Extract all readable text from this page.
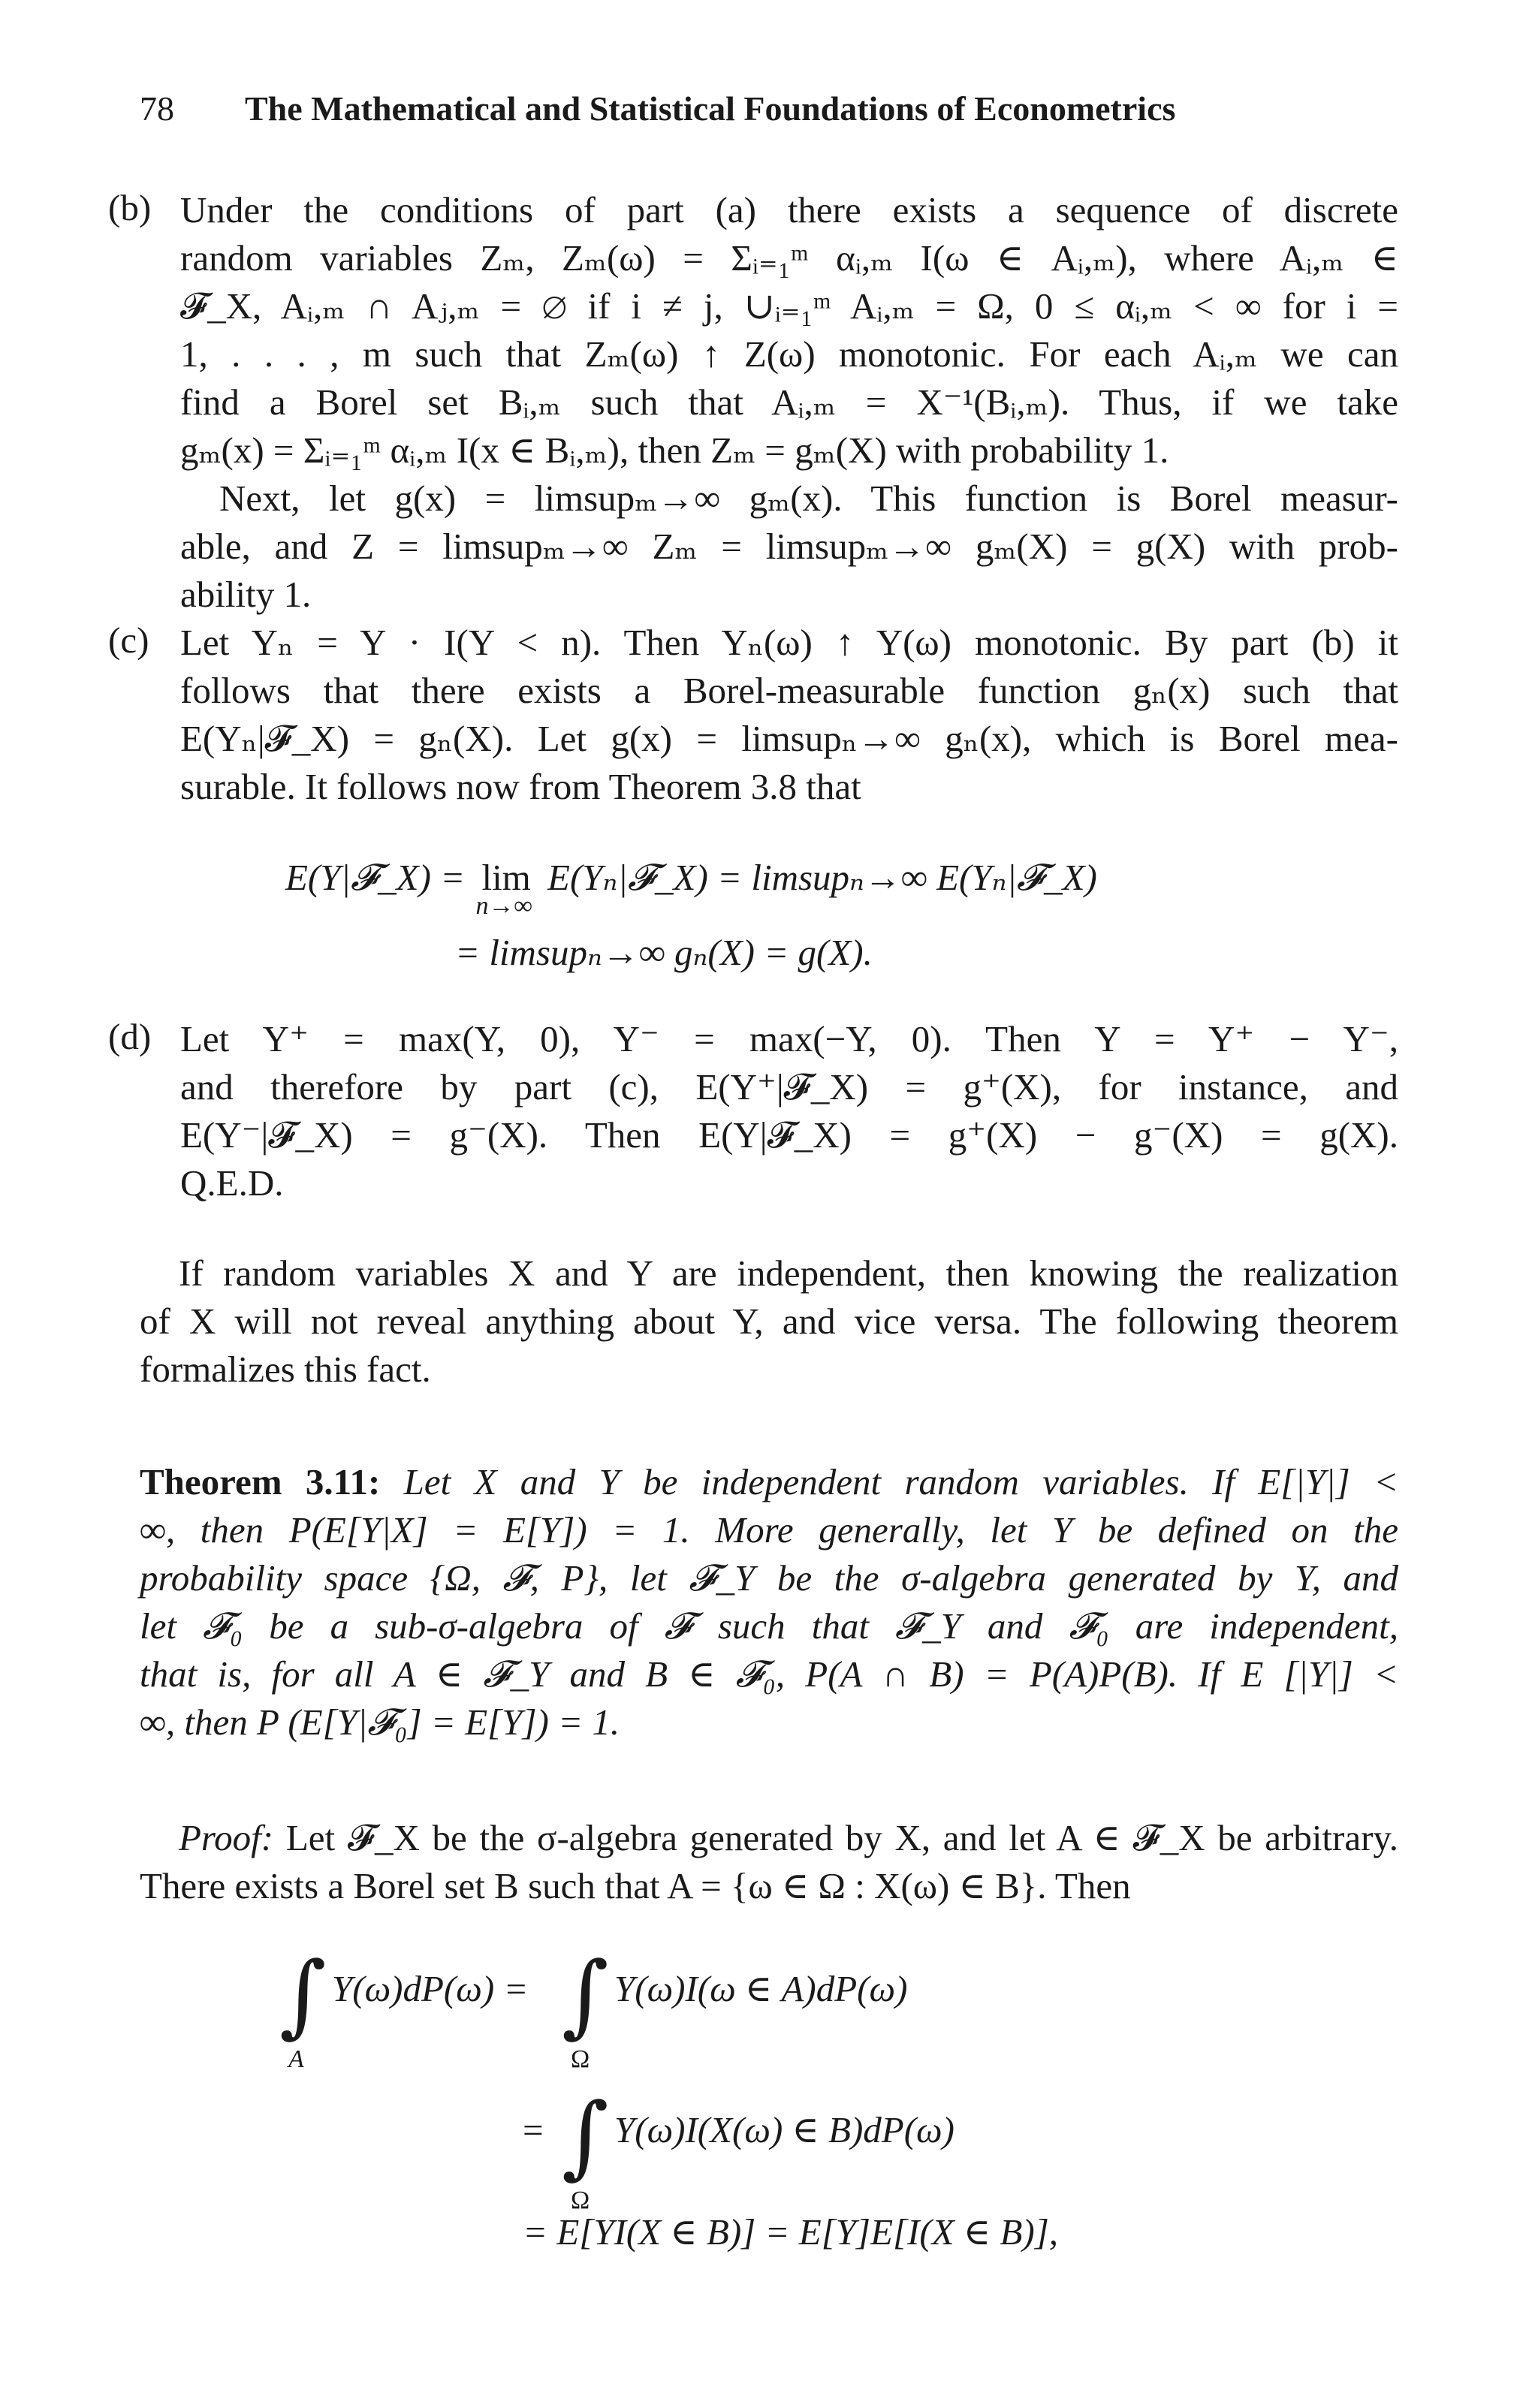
78 The Mathematical and Statistical Foundations of Econometrics
(b) Under the conditions of part (a) there exists a sequence of discrete
random variables Zₘ, Zₘ(ω) = Σᵢ₌₁ᵐ αᵢ,ₘ I(ω ∈ Aᵢ,ₘ), where Aᵢ,ₘ ∈
𝓕_X, Aᵢ,ₘ ∩ Aⱼ,ₘ = ∅ if i ≠ j, ∪ᵢ₌₁ᵐ Aᵢ,ₘ = Ω, 0 ≤ αᵢ,ₘ < ∞ for i =
1, . . . , m such that Zₘ(ω) ↑ Z(ω) monotonic. For each Aᵢ,ₘ we can
find a Borel set Bᵢ,ₘ such that Aᵢ,ₘ = X⁻¹(Bᵢ,ₘ). Thus, if we take
gₘ(x) = Σᵢ₌₁ᵐ αᵢ,ₘ I(x ∈ Bᵢ,ₘ), then Zₘ = gₘ(X) with probability 1.
Next, let g(x) = limsupₘ→∞ gₘ(x). This function is Borel measur-
able, and Z = limsupₘ→∞ Zₘ = limsupₘ→∞ gₘ(X) = g(X) with prob-
ability 1.
(c) Let Yₙ = Y · I(Y < n). Then Yₙ(ω) ↑ Y(ω) monotonic. By part (b) it
follows that there exists a Borel-measurable function gₙ(x) such that
E(Yₙ|𝓕_X) = gₙ(X). Let g(x) = limsupₙ→∞ gₙ(x), which is Borel mea-
surable. It follows now from Theorem 3.8 that
E(Y|𝓕_X) = lim
n→∞
E(Yₙ|𝓕_X) = limsupₙ→∞ E(Yₙ|𝓕_X)
= limsupₙ→∞ gₙ(X) = g(X).
(d) Let Y⁺ = max(Y, 0), Y⁻ = max(−Y, 0). Then Y = Y⁺ − Y⁻,
and therefore by part (c), E(Y⁺|𝓕_X) = g⁺(X), for instance, and
E(Y⁻|𝓕_X) = g⁻(X). Then E(Y|𝓕_X) = g⁺(X) − g⁻(X) = g(X).
Q.E.D.
If random variables X and Y are independent, then knowing the realization
of X will not reveal anything about Y, and vice versa. The following theorem
formalizes this fact.
Theorem 3.11: Let X and Y be independent random variables. If E[|Y|] <
∞, then P(E[Y|X] = E[Y]) = 1. More generally, let Y be defined on the
probability space {Ω, 𝓕, P}, let 𝓕_Y be the σ-algebra generated by Y, and
let 𝓕₀ be a sub-σ-algebra of 𝓕 such that 𝓕_Y and 𝓕₀ are independent,
that is, for all A ∈ 𝓕_Y and B ∈ 𝓕₀, P(A ∩ B) = P(A)P(B). If E [|Y|] <
∞, then P (E[Y|𝓕₀] = E[Y]) = 1.
Proof: Let 𝓕_X be the σ-algebra generated by X, and let A ∈ 𝓕_X be arbitrary.
There exists a Borel set B such that A = {ω ∈ Ω : X(ω) ∈ B}. Then
∫
A
Y(ω)dP(ω) = ∫
Ω
Y(ω)I(ω ∈ A)dP(ω)
= ∫
Ω
Y(ω)I(X(ω) ∈ B)dP(ω)
= E[YI(X ∈ B)] = E[Y]E[I(X ∈ B)],
